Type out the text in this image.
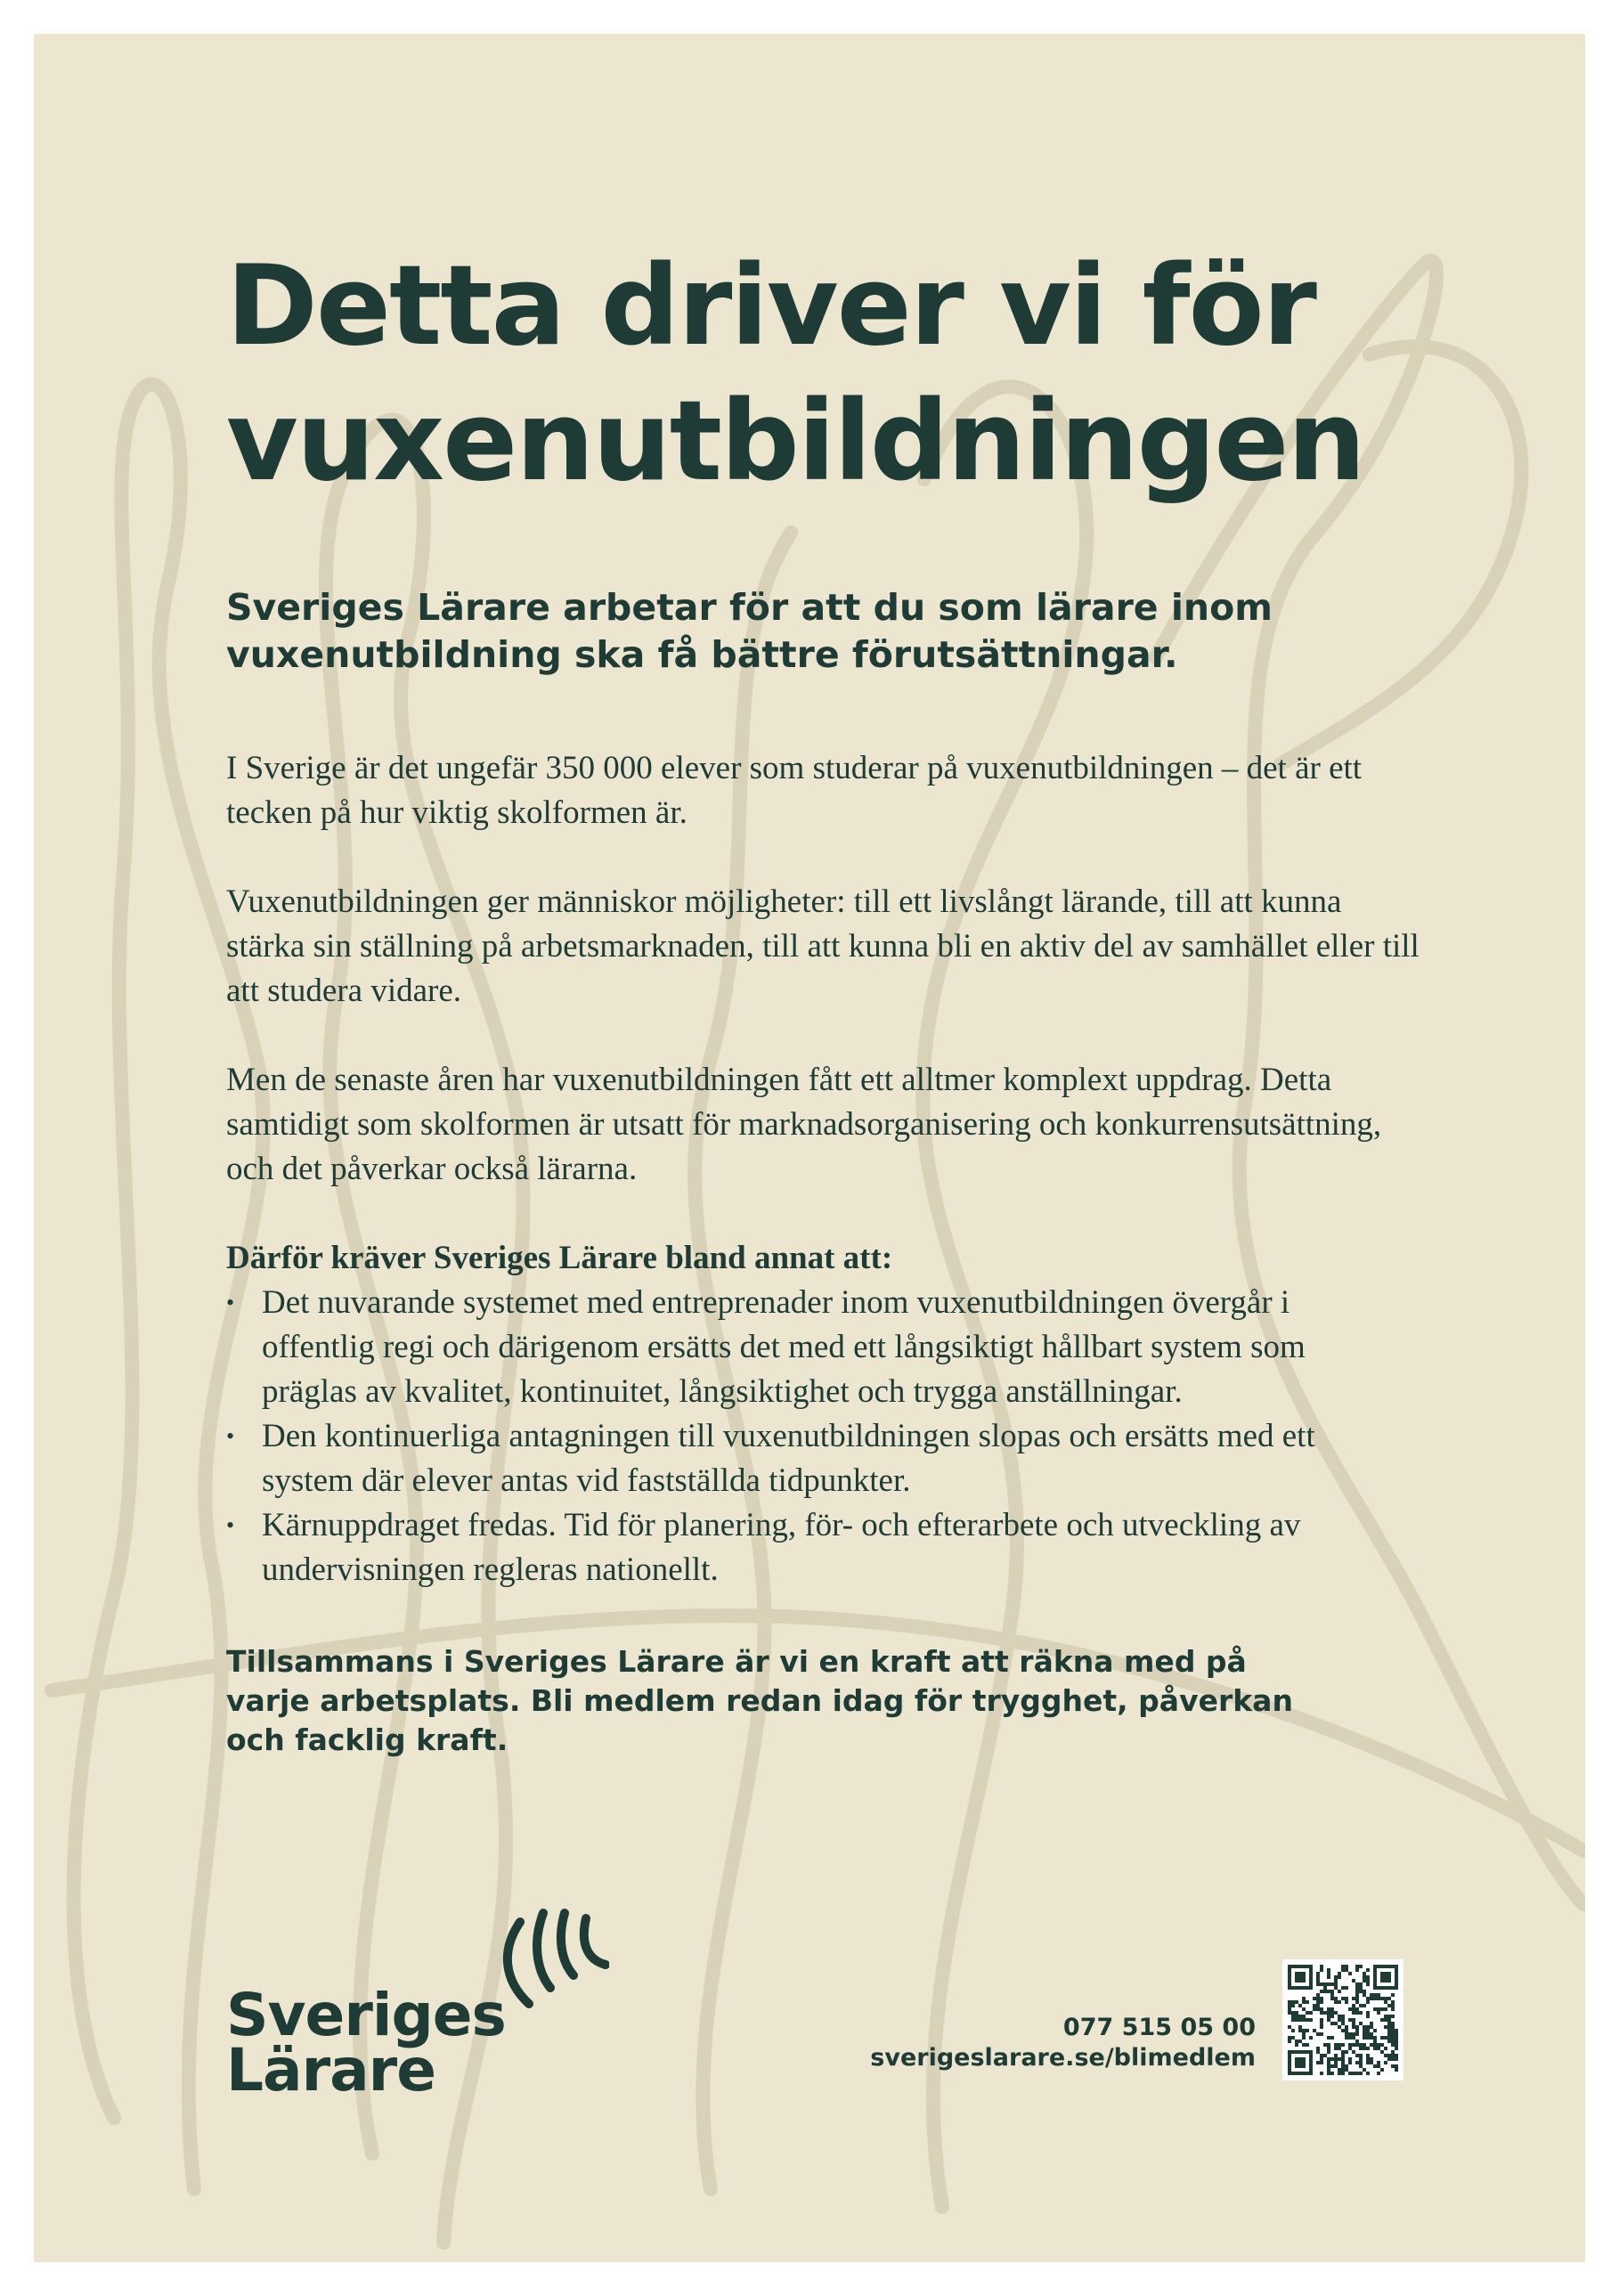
Detta driver vi för
vuxenutbildningen

Sveriges Lärare arbetar för att du som lärare inom vuxenutbildning ska få bättre förutsättningar.

I Sverige är det ungefär 350 000 elever som studerar på vuxenutbildningen – det är ett tecken på hur viktig skolformen är.

Vuxenutbildningen ger människor möjligheter: till ett livslångt lärande, till att kunna stärka sin ställning på arbetsmarknaden, till att kunna bli en aktiv del av samhället eller till att studera vidare.

Men de senaste åren har vuxenutbildningen fått ett alltmer komplext uppdrag. Detta samtidigt som skolformen är utsatt för marknadsorganisering och konkurrensutsättning, och det påverkar också lärarna.

Därför kräver Sveriges Lärare bland annat att:

• Det nuvarande systemet med entreprenader inom vuxenutbildningen övergår i offentlig regi och därigenom ersätts det med ett långsiktigt hållbart system som präglas av kvalitet, kontinuitet, långsiktighet och trygga anställningar.
• Den kontinuerliga antagningen till vuxenutbildningen slopas och ersätts med ett system där elever antas vid fastställda tidpunkter.
• Kärnuppdraget fredas. Tid för planering, för- och efterarbete och utveckling av undervisningen regleras nationellt.

Tillsammans i Sveriges Lärare är vi en kraft att räkna med på varje arbetsplats. Bli medlem redan idag för trygghet, påverkan och facklig kraft.

Sveriges
Lärare
077 515 05 00
sverigeslarare.se/blimedlem
